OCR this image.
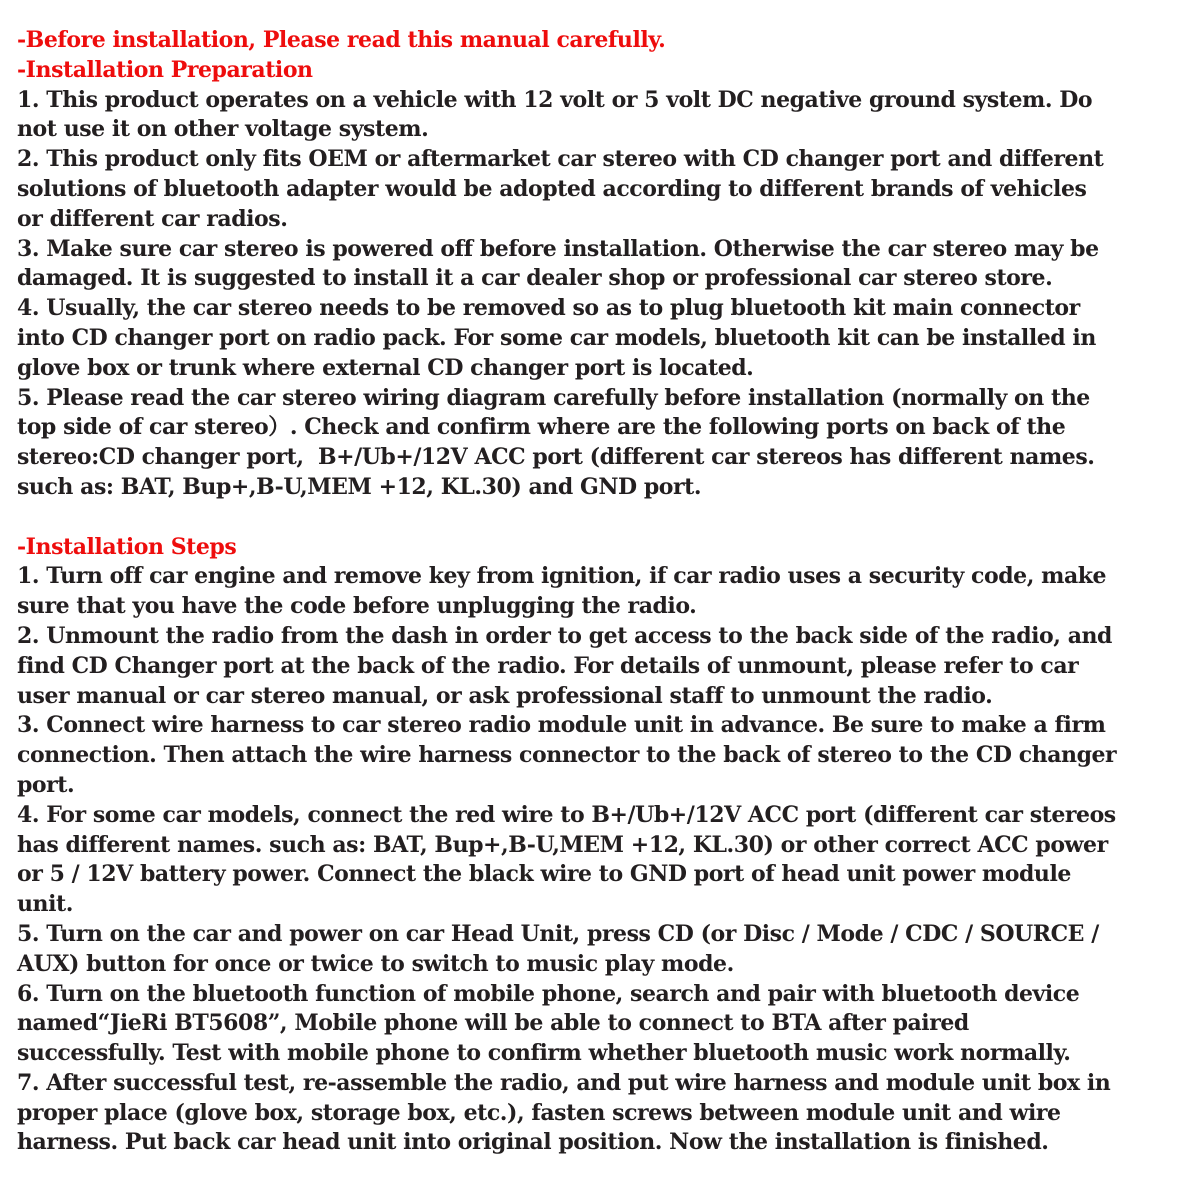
-Before installation, Please read this manual carefully.
-Installation Preparation
1. This product operates on a vehicle with 12 volt or 5 volt DC negative ground system. Do
not use it on other voltage system.
2. This product only fits OEM or aftermarket car stereo with CD changer port and different
solutions of bluetooth adapter would be adopted according to different brands of vehicles
or different car radios.
3. Make sure car stereo is powered off before installation. Otherwise the car stereo may be
damaged. It is suggested to install it a car dealer shop or professional car stereo store.
4. Usually, the car stereo needs to be removed so as to plug bluetooth kit main connector
into CD changer port on radio pack. For some car models, bluetooth kit can be installed in
glove box or trunk where external CD changer port is located.
5. Please read the car stereo wiring diagram carefully before installation (normally on the
top side of car stereo）. Check and confirm where are the following ports on back of the
stereo:CD changer port,  B+/Ub+/12V ACC port (different car stereos has different names.
such as: BAT, Bup+,B-U,MEM +12, KL.30) and GND port.
-Installation Steps
1. Turn off car engine and remove key from ignition, if car radio uses a security code, make
sure that you have the code before unplugging the radio.
2. Unmount the radio from the dash in order to get access to the back side of the radio, and
find CD Changer port at the back of the radio. For details of unmount, please refer to car
user manual or car stereo manual, or ask professional staff to unmount the radio.
3. Connect wire harness to car stereo radio module unit in advance. Be sure to make a firm
connection. Then attach the wire harness connector to the back of stereo to the CD changer
port.
4. For some car models, connect the red wire to B+/Ub+/12V ACC port (different car stereos
has different names. such as: BAT, Bup+,B-U,MEM +12, KL.30) or other correct ACC power
or 5 / 12V battery power. Connect the black wire to GND port of head unit power module
unit.
5. Turn on the car and power on car Head Unit, press CD (or Disc / Mode / CDC / SOURCE /
AUX) button for once or twice to switch to music play mode.
6. Turn on the bluetooth function of mobile phone, search and pair with bluetooth device
named“JieRi BT5608”, Mobile phone will be able to connect to BTA after paired
successfully. Test with mobile phone to confirm whether bluetooth music work normally.
7. After successful test, re-assemble the radio, and put wire harness and module unit box in
proper place (glove box, storage box, etc.), fasten screws between module unit and wire
harness. Put back car head unit into original position. Now the installation is finished.
